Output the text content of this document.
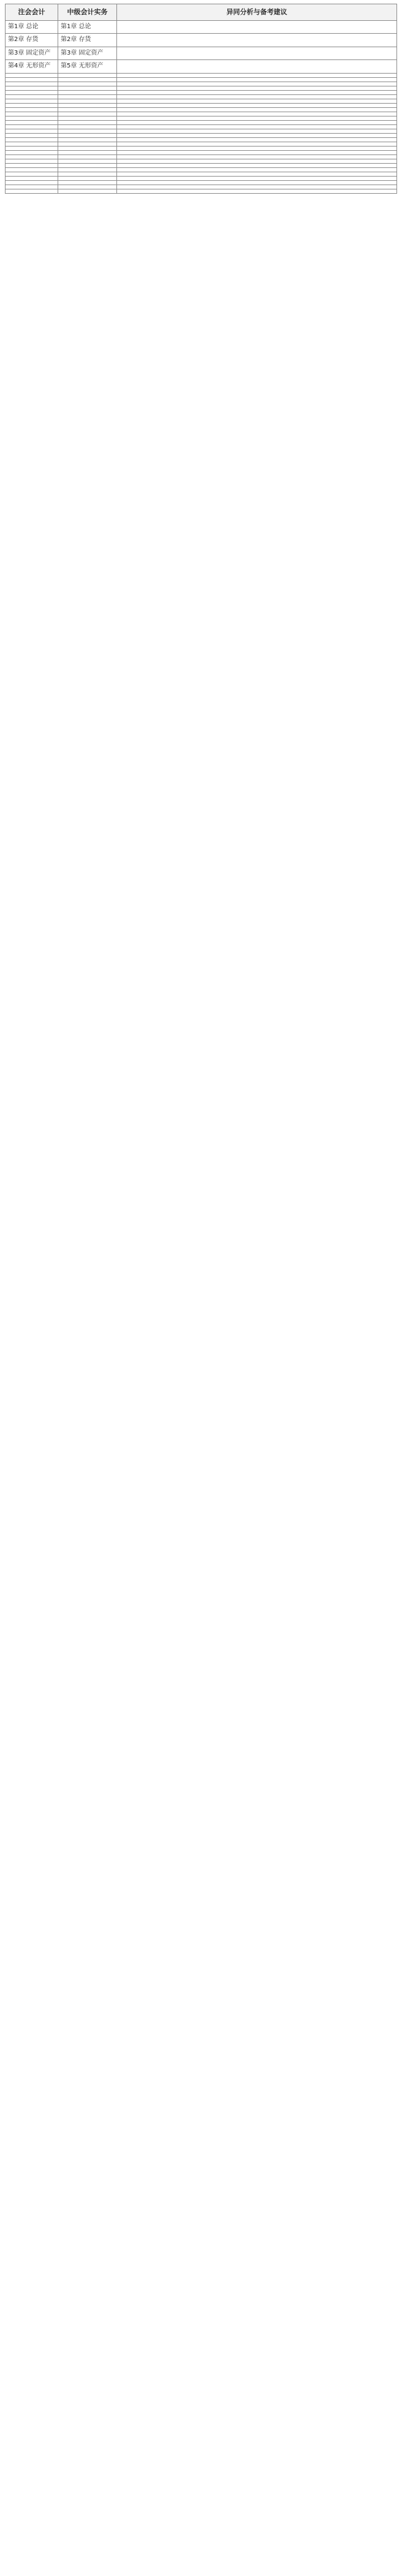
注会会计	中级会计实务	异同分析与备考建议
第1章 总论	第1章 总论	
第2章 存货	第2章 存货	
第3章 固定资产	第3章 固定资产	
第4章 无形资产	第5章 无形资产	
